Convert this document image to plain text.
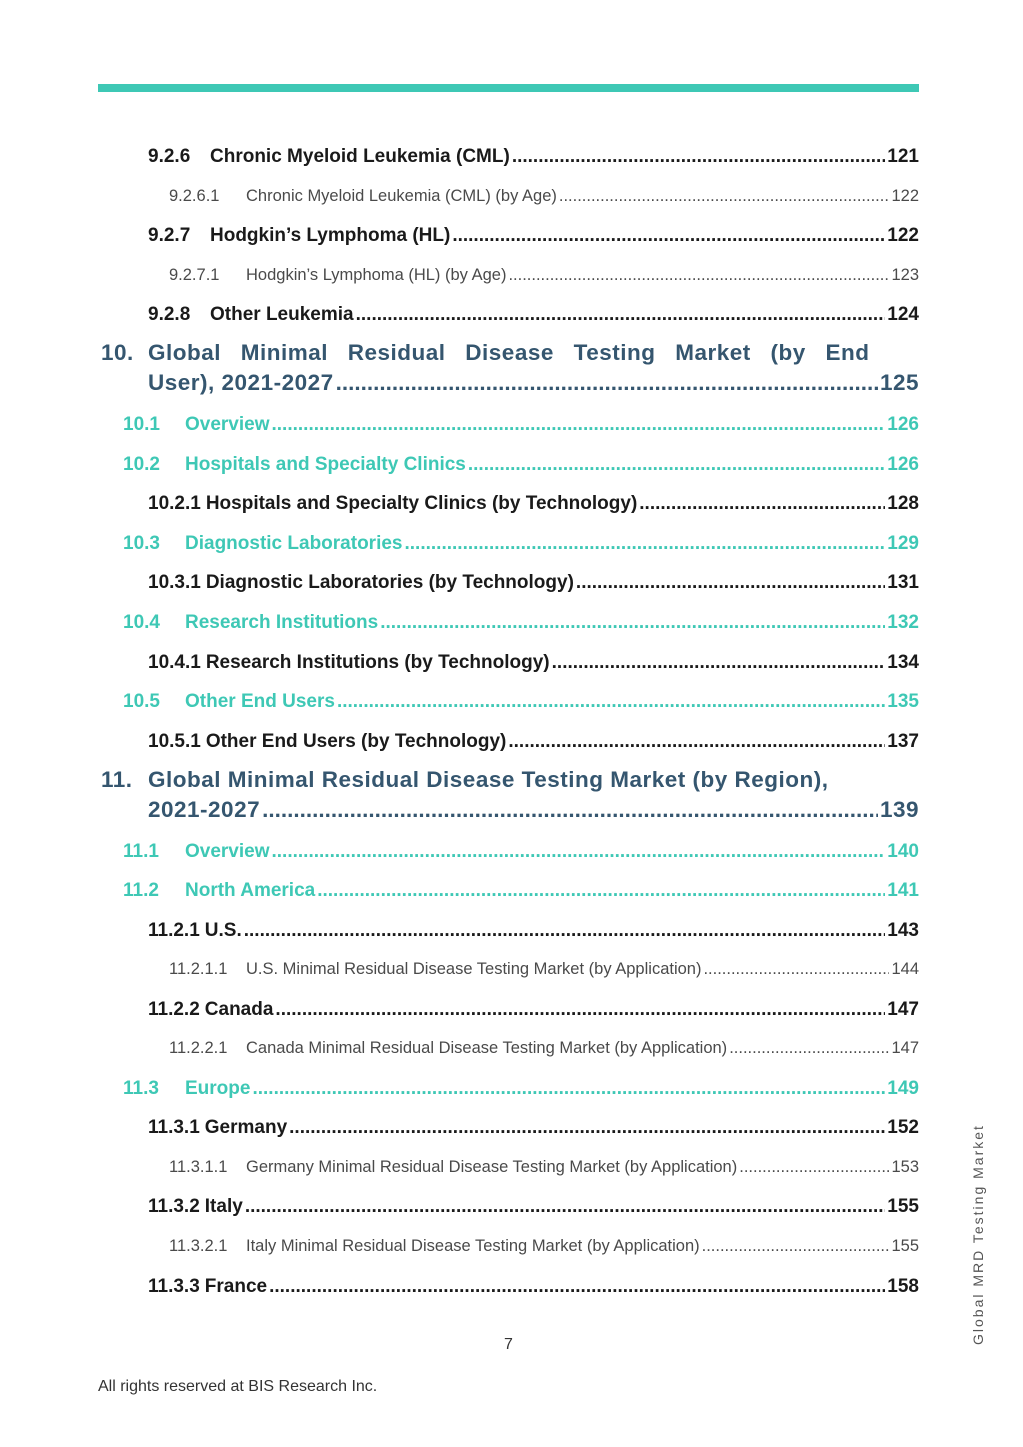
9.2.6	Chronic Myeloid Leukemia (CML) .....	121
9.2.6.1	Chronic Myeloid Leukemia (CML) (by Age) .....	122
9.2.7	Hodgkin’s Lymphoma (HL) .....	122
9.2.7.1	Hodgkin’s Lymphoma (HL) (by Age) .....	123
9.2.8	Other Leukemia .....	124
10. Global Minimal Residual Disease Testing Market (by End
User), 2021-2027 .....	125
10.1	Overview .....	126
10.2	Hospitals and Specialty Clinics .....	126
10.2.1 Hospitals and Specialty Clinics (by Technology) .....	128
10.3	Diagnostic Laboratories .....	129
10.3.1 Diagnostic Laboratories (by Technology) .....	131
10.4	Research Institutions .....	132
10.4.1 Research Institutions (by Technology) .....	134
10.5	Other End Users .....	135
10.5.1 Other End Users (by Technology) .....	137
11. Global Minimal Residual Disease Testing Market (by Region),
2021-2027 .....	139
11.1	Overview .....	140
11.2	North America .....	141
11.2.1 U.S. .....	143
11.2.1.1	U.S. Minimal Residual Disease Testing Market (by Application) .....	144
11.2.2 Canada .....	147
11.2.2.1	Canada Minimal Residual Disease Testing Market (by Application) .....	147
11.3	Europe .....	149
11.3.1 Germany .....	152
11.3.1.1	Germany Minimal Residual Disease Testing Market (by Application) .....	153
11.3.2 Italy .....	155
11.3.2.1	Italy Minimal Residual Disease Testing Market (by Application) .....	155
11.3.3 France .....	158
7
All rights reserved at BIS Research Inc.
Global MRD Testing Market
